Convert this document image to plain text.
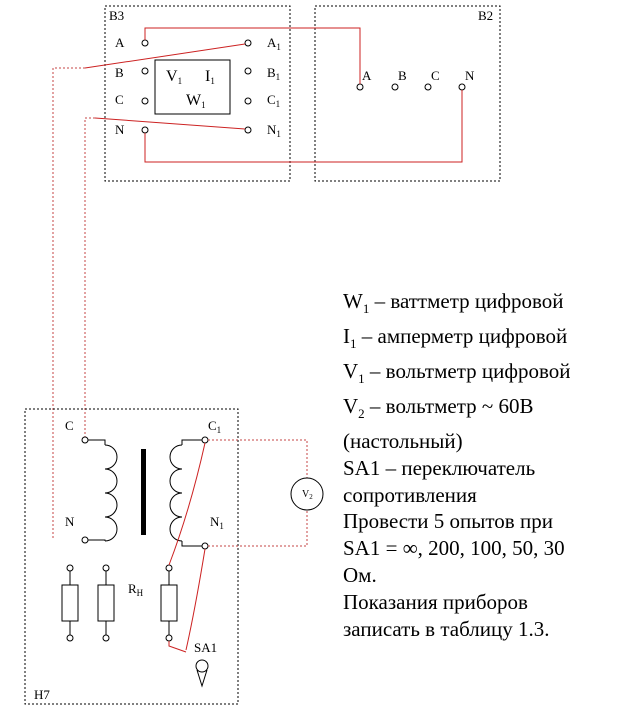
В3
A
B
C
N
$A_1$
$B_1$
$C_1$
$N_1$
V1 I1
W1
В2
A B C N
Н7
C
N
$C_1$
$N_1$
$R_Н$
SA1
$V_2$
$W_1$ – ваттметр цифровой
$I_1$ – амперметр цифровой
$V_1$ – вольтметр цифровой
$V_2$ – вольтметр ~ 60В
(настольный)
SA1 – переключатель
сопротивления
Провести 5 опытов при
SA1 = ∞, 200, 100, 50, 30
Ом.
Показания приборов
записать в таблицу 1.3.
